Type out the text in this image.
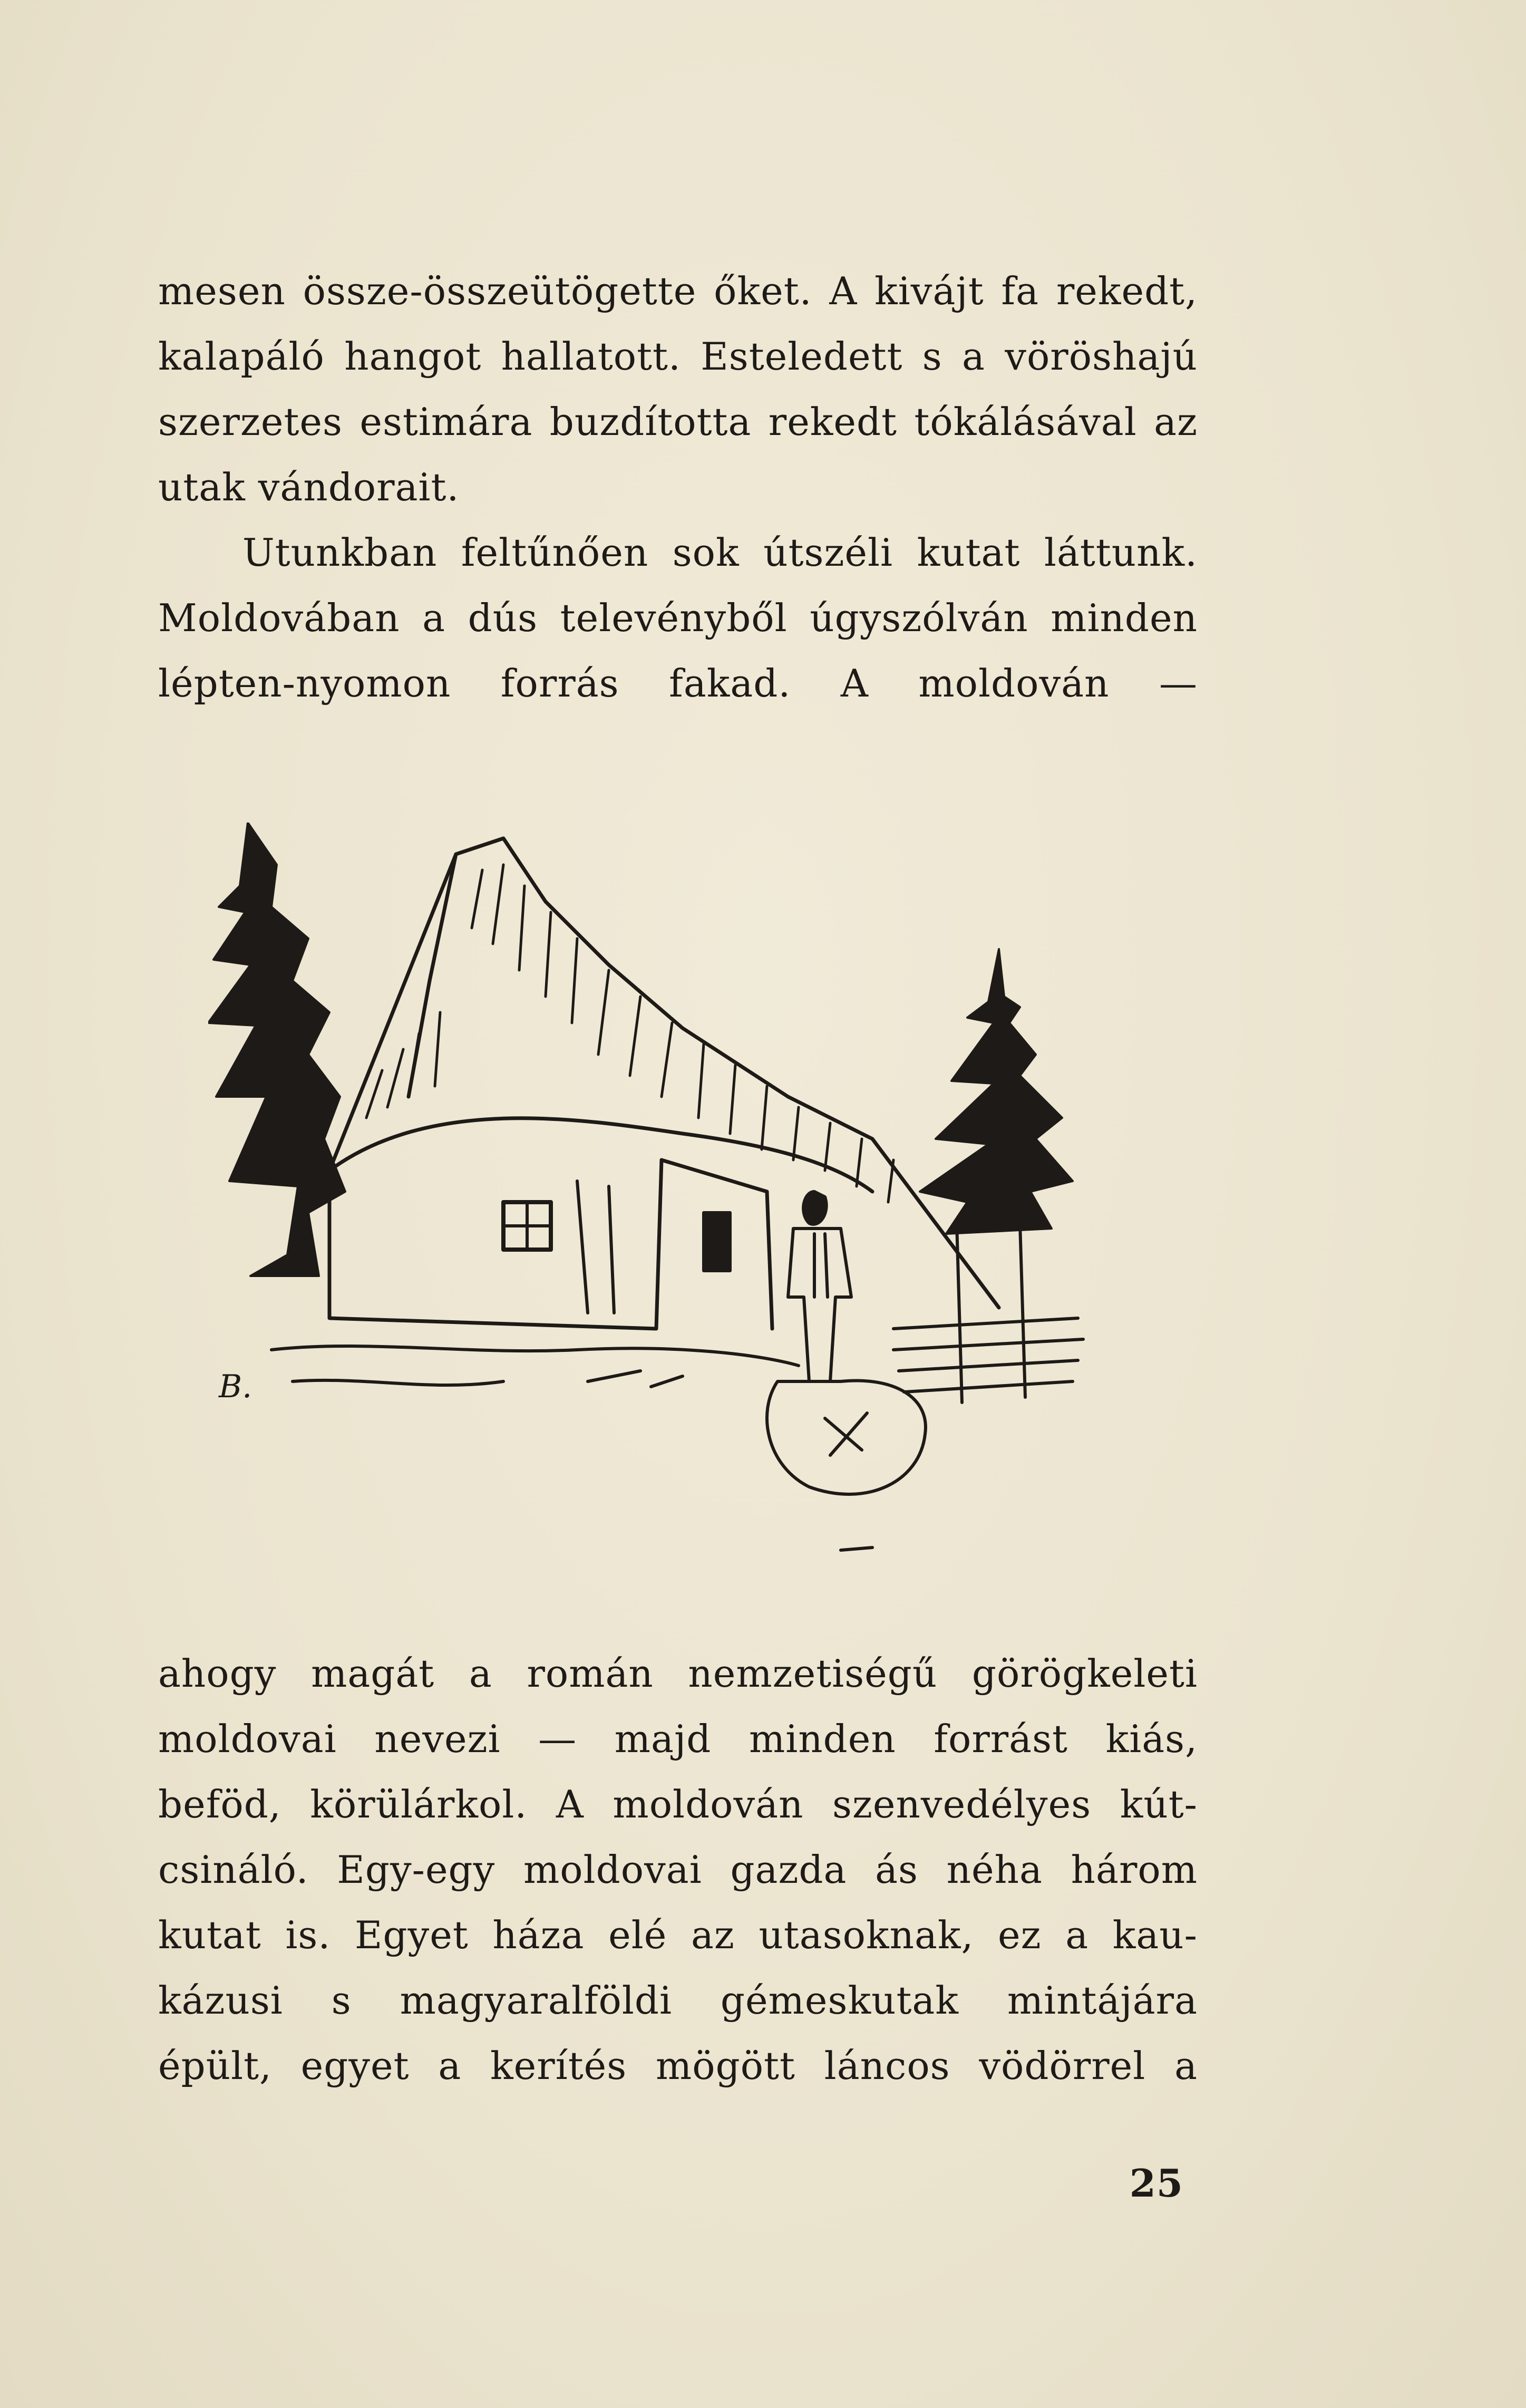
mesen össze-összeütögette őket. A kivájt fa rekedt,
kalapáló hangot hallatott. Esteledett s a vöröshajú
szerzetes estimára buzdította rekedt tókálásával az
utak vándorait.
Utunkban feltűnően sok útszéli kutat láttunk.
Moldovában a dús televényből úgyszólván minden
lépten-nyomon forrás fakad. A moldován —
B.
ahogy magát a román nemzetiségű görögkeleti
moldovai nevezi — majd minden forrást kiás,
beföd, körülárkol. A moldován szenvedélyes kút-
csináló. Egy-egy moldovai gazda ás néha három
kutat is. Egyet háza elé az utasoknak, ez a kau-
kázusi s magyaralföldi gémeskutak mintájára
épült, egyet a kerítés mögött láncos vödörrel a
25
